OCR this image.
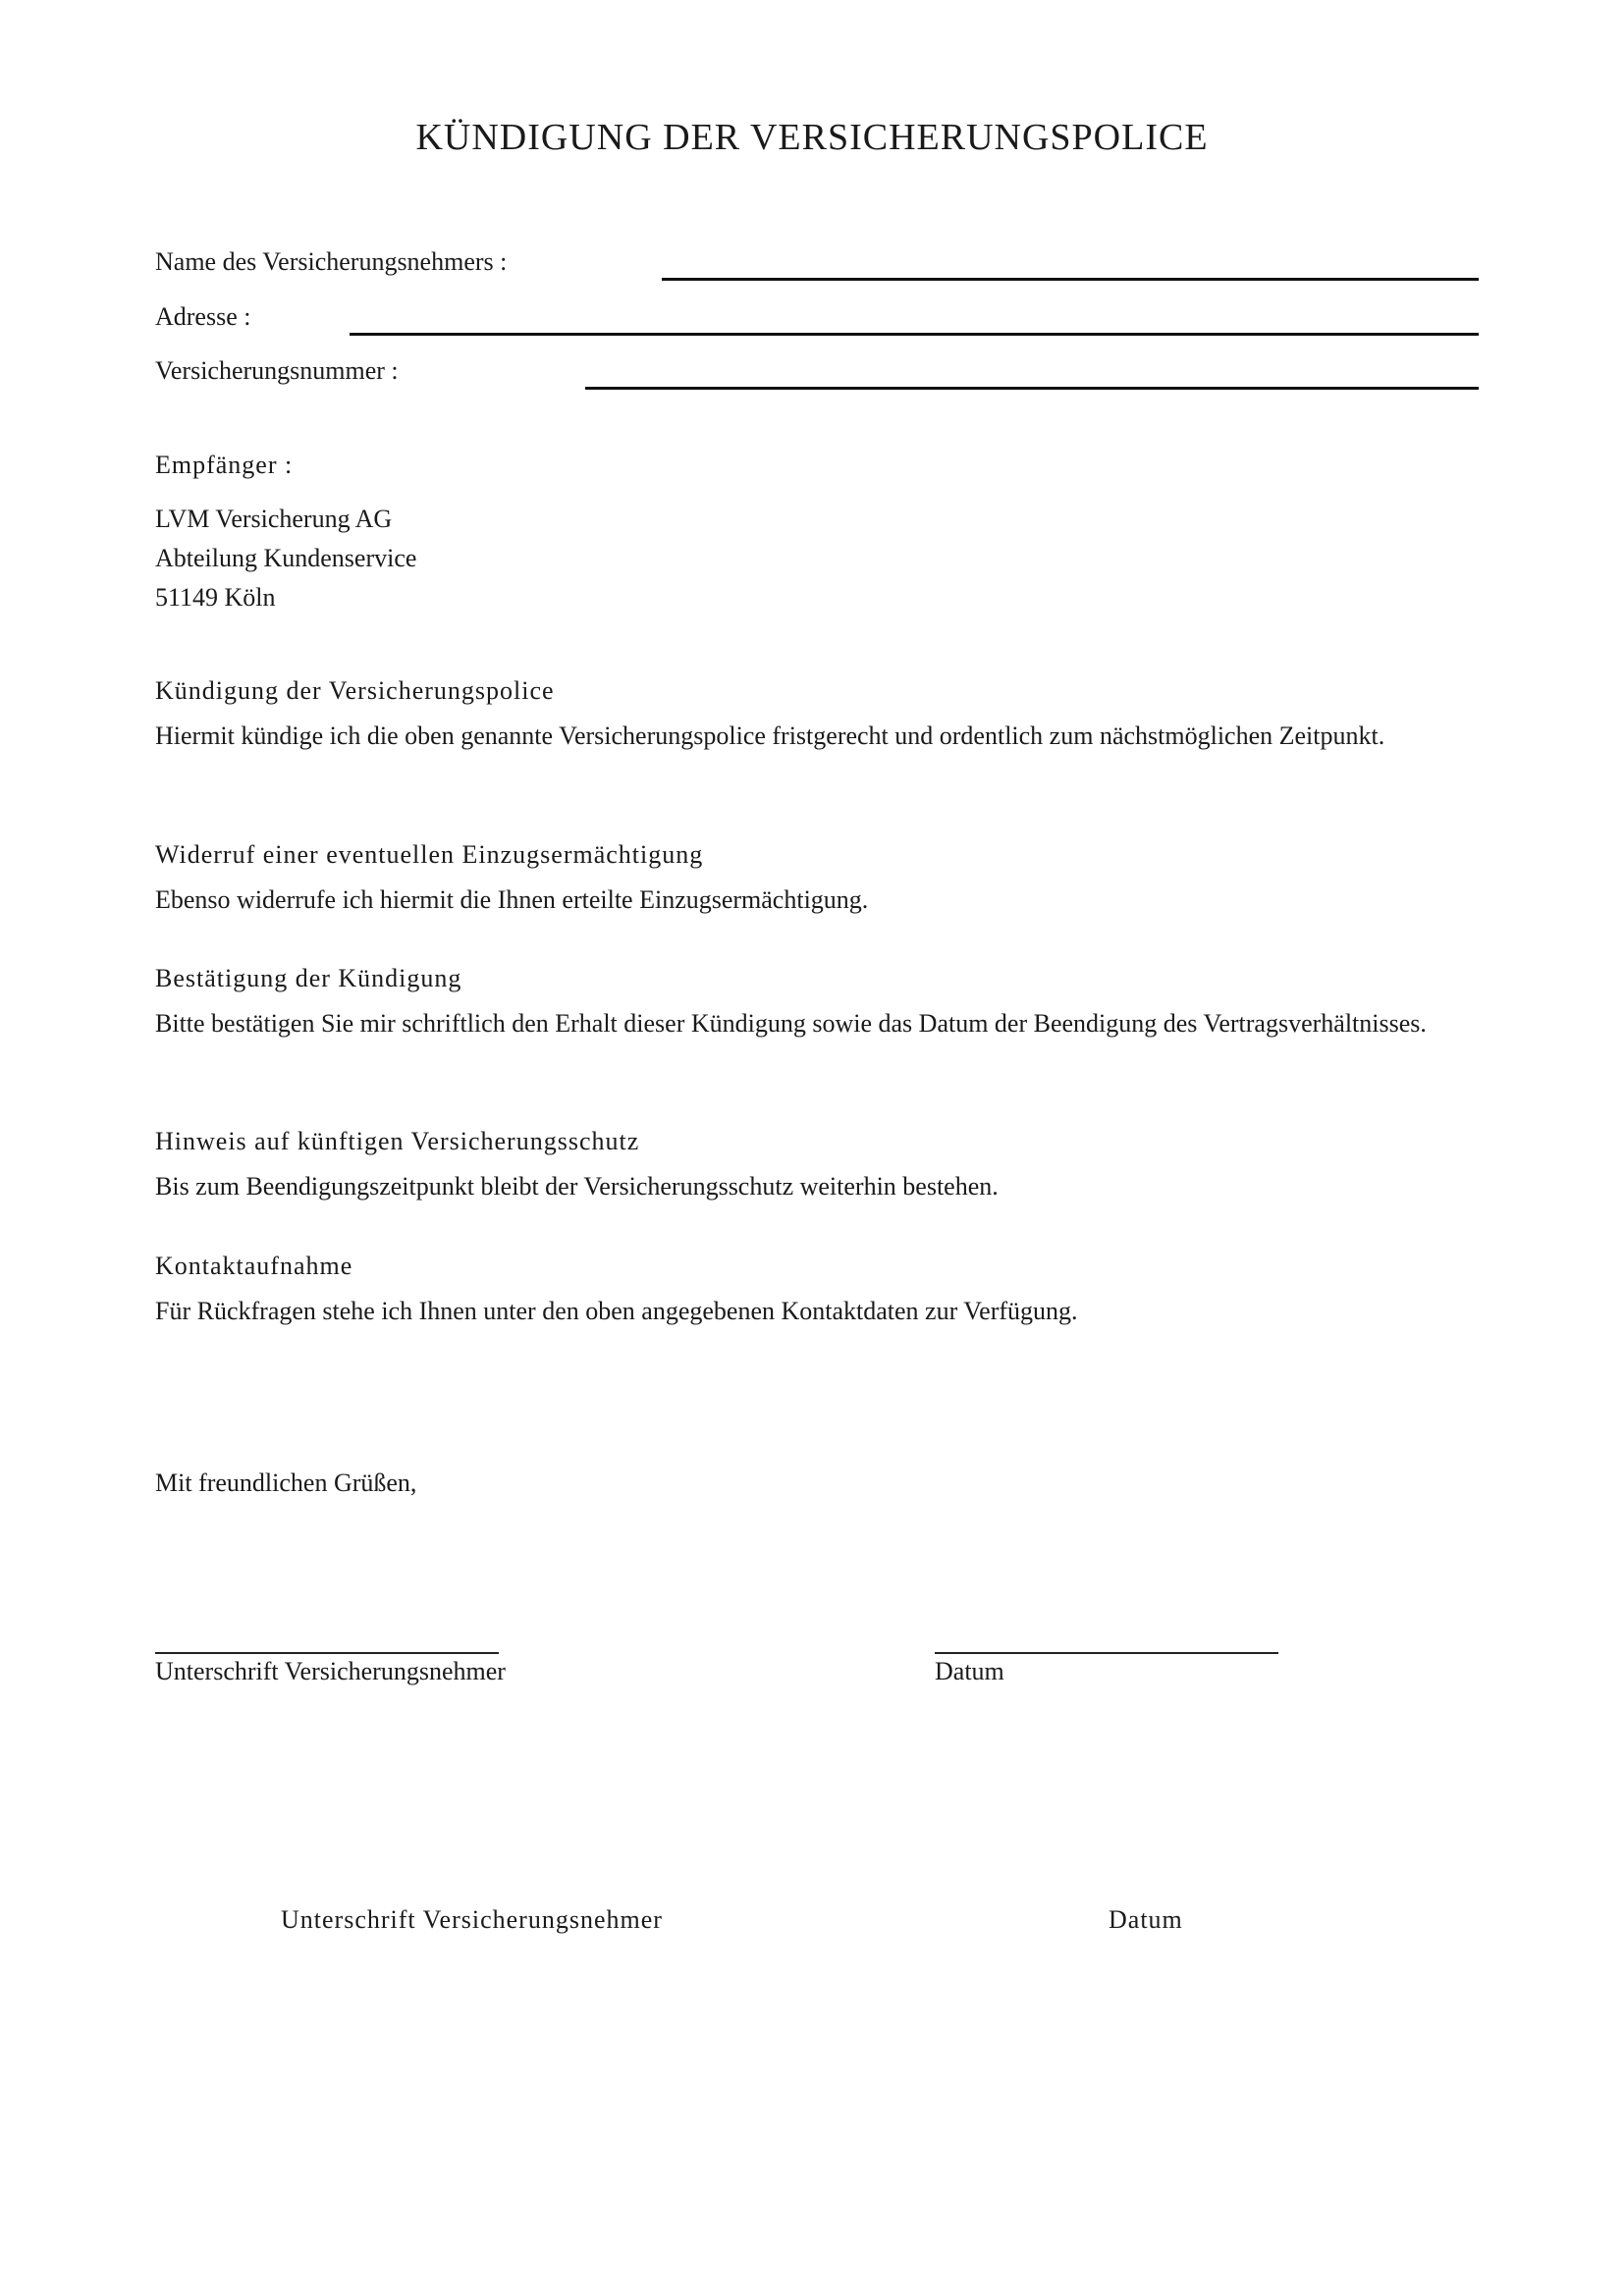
KÜNDIGUNG DER VERSICHERUNGSPOLICE
Name des Versicherungsnehmers :
Adresse :
Versicherungsnummer :
Empfänger :
LVM Versicherung AG
Abteilung Kundenservice
51149 Köln
Kündigung der Versicherungspolice
Hiermit kündige ich die oben genannte Versicherungspolice fristgerecht und ordentlich zum nächstmöglichen Zeitpunkt.
Widerruf einer eventuellen Einzugsermächtigung
Ebenso widerrufe ich hiermit die Ihnen erteilte Einzugsermächtigung.
Bestätigung der Kündigung
Bitte bestätigen Sie mir schriftlich den Erhalt dieser Kündigung sowie das Datum der Beendigung des Vertragsverhältnisses.
Hinweis auf künftigen Versicherungsschutz
Bis zum Beendigungszeitpunkt bleibt der Versicherungsschutz weiterhin bestehen.
Kontaktaufnahme
Für Rückfragen stehe ich Ihnen unter den oben angegebenen Kontaktdaten zur Verfügung.
Mit freundlichen Grüßen,
Unterschrift Versicherungsnehmer	Datum
Unterschrift Versicherungsnehmer	Datum
